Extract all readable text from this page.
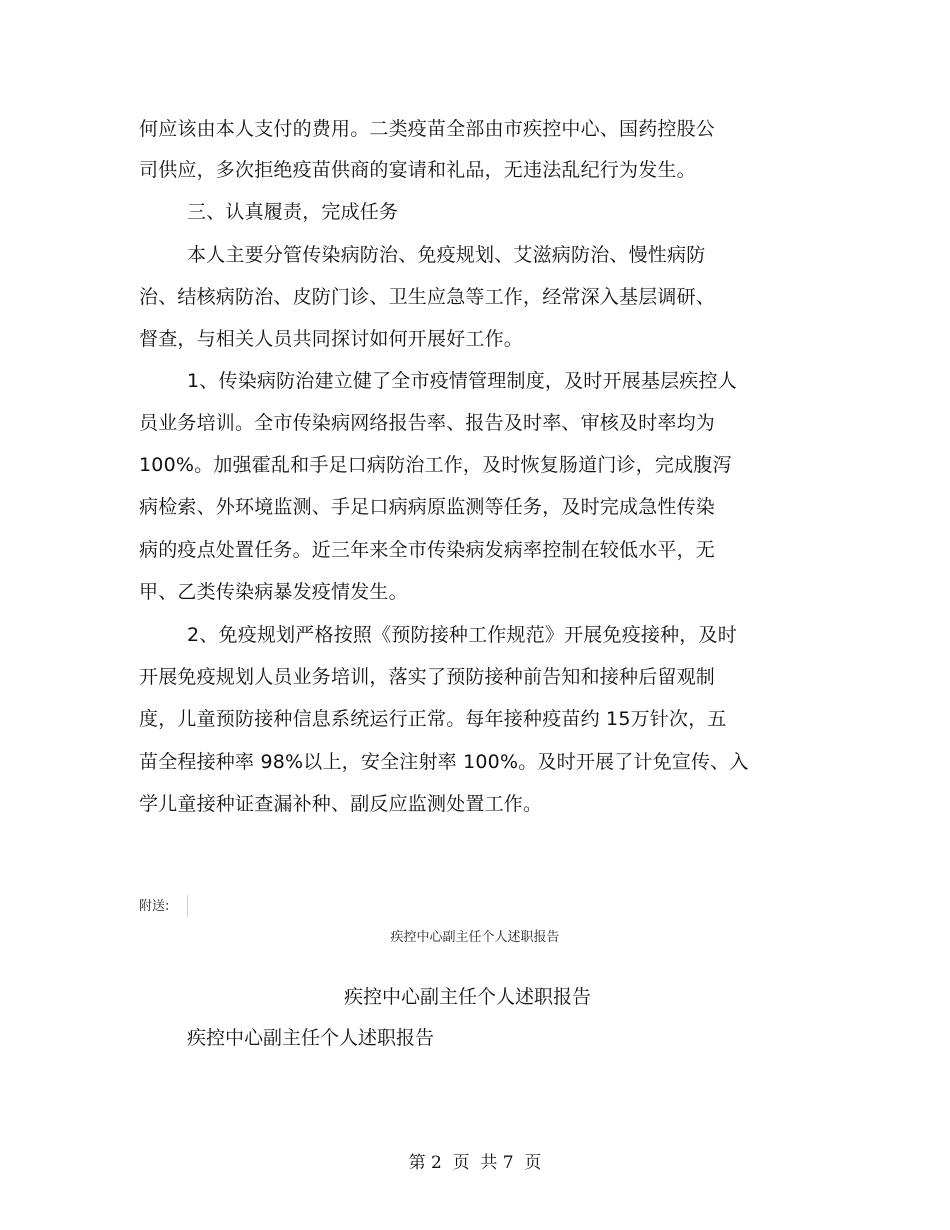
何应该由本人支付的费用。二类疫苗全部由市疾控中心、国药控股公
司供应，多次拒绝疫苗供商的宴请和礼品，无违法乱纪行为发生。
三、认真履责，完成任务
本人主要分管传染病防治、免疫规划、艾滋病防治、慢性病防
治、结核病防治、皮防门诊、卫生应急等工作，经常深入基层调研、
督查，与相关人员共同探讨如何开展好工作。
1、传染病防治建立健了全市疫情管理制度，及时开展基层疾控人
员业务培训。全市传染病网络报告率、报告及时率、审核及时率均为
100%。加强霍乱和手足口病防治工作，及时恢复肠道门诊，完成腹泻
病检索、外环境监测、手足口病病原监测等任务，及时完成急性传染
病的疫点处置任务。近三年来全市传染病发病率控制在较低水平，无
甲、乙类传染病暴发疫情发生。
2、免疫规划严格按照《预防接种工作规范》开展免疫接种，及时
开展免疫规划人员业务培训，落实了预防接种前告知和接种后留观制
度，儿童预防接种信息系统运行正常。每年接种疫苗约 15万针次，五
苗全程接种率 98%以上，安全注射率 100%。及时开展了计免宣传、入
学儿童接种证查漏补种、副反应监测处置工作。
附送:
疾控中心副主任个人述职报告
疾控中心副主任个人述职报告
疾控中心副主任个人述职报告
第 2  页  共 7  页
